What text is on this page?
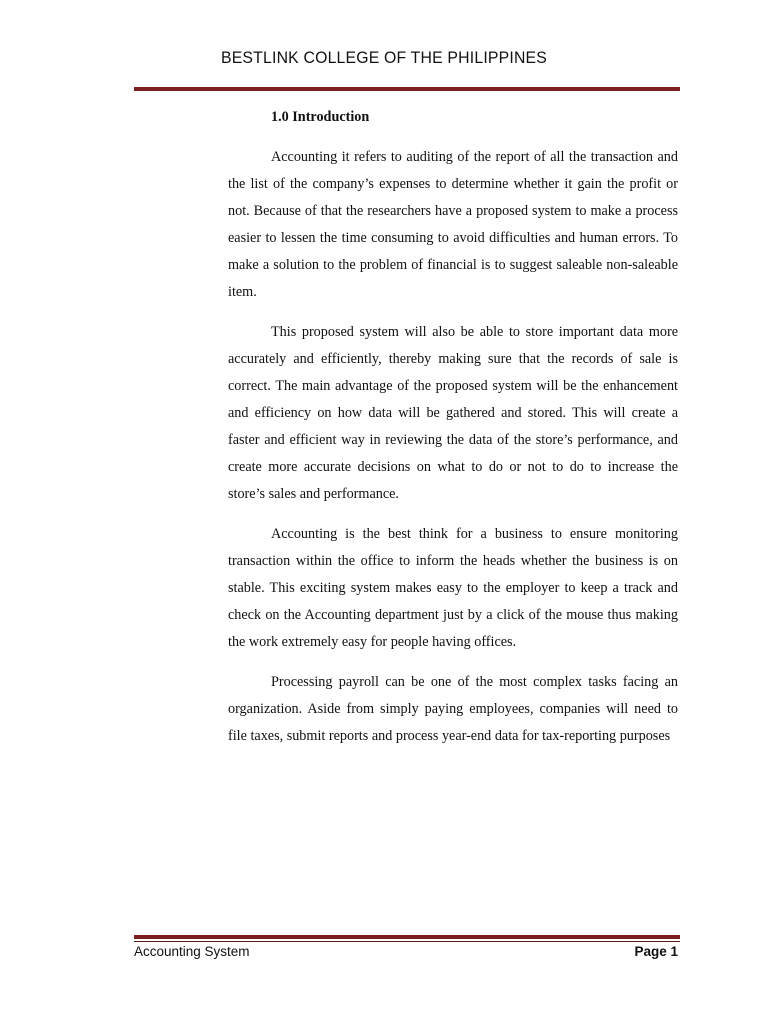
BESTLINK COLLEGE OF THE PHILIPPINES

1.0 Introduction

Accounting it refers to auditing of the report of all the transaction and the list of the company’s expenses to determine whether it gain the profit or not. Because of that the researchers have a proposed system to make a process easier to lessen the time consuming to avoid difficulties and human errors. To make a solution to the problem of financial is to suggest saleable non-saleable item.

This proposed system will also be able to store important data more accurately and efficiently, thereby making sure that the records of sale is correct. The main advantage of the proposed system will be the enhancement and efficiency on how data will be gathered and stored. This will create a faster and efficient way in reviewing the data of the store’s performance, and create more accurate decisions on what to do or not to do to increase the store’s sales and performance.

Accounting is the best think for a business to ensure monitoring transaction within the office to inform the heads whether the business is on stable. This exciting system makes easy to the employer to keep a track and check on the Accounting department just by a click of the mouse thus making the work extremely easy for people having offices.

Processing payroll can be one of the most complex tasks facing an organization. Aside from simply paying employees, companies will need to file taxes, submit reports and process year-end data for tax-reporting purposes

Accounting System	Page 1
